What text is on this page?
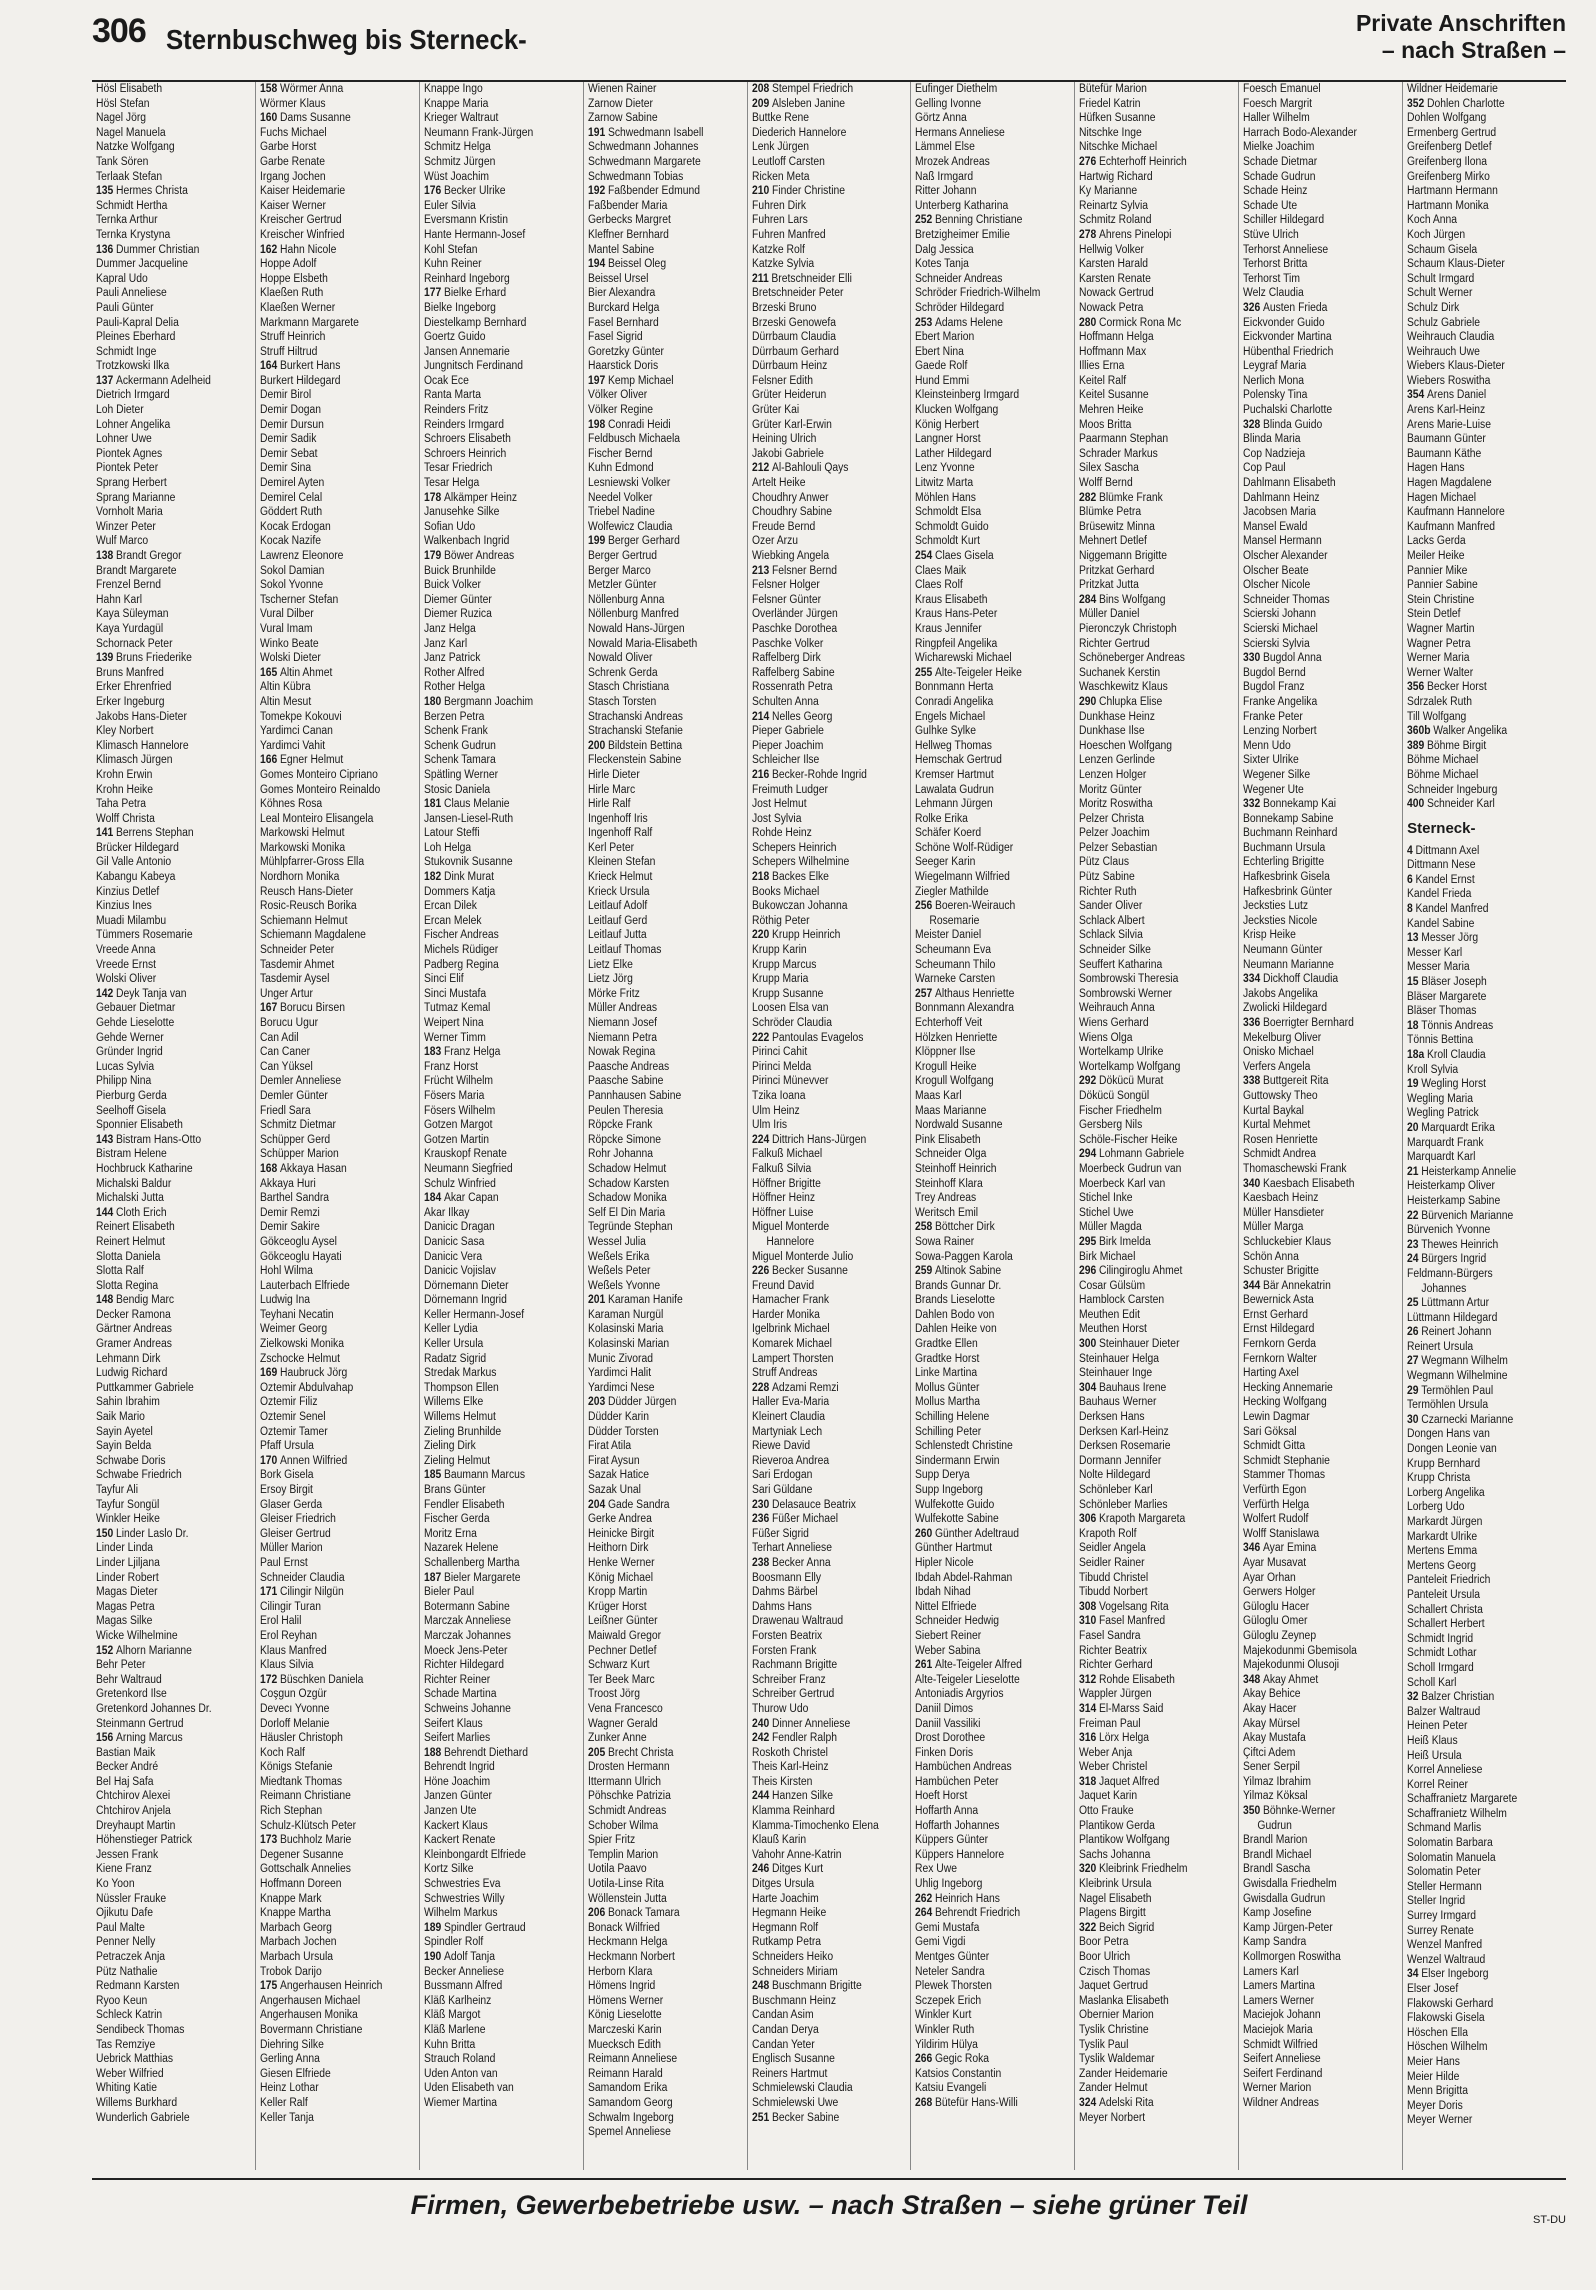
306 Sternbuschweg bis Sterneck-
Private Anschriften
– nach Straßen –
Hösl Elisabeth
Hösl Stefan
Nagel Jörg
Nagel Manuela
Natzke Wolfgang
Tank Sören
Terlaak Stefan
135 Hermes Christa
Schmidt Hertha
Ternka Arthur
Ternka Krystyna
136 Dummer Christian
Dummer Jacqueline
Kapral Udo
Pauli Anneliese
Pauli Günter
Pauli-Kapral Delia
Pleines Eberhard
Schmidt Inge
Trotzkowski Ilka
137 Ackermann Adelheid
Dietrich Irmgard
Loh Dieter
Lohner Angelika
Lohner Uwe
Piontek Agnes
Piontek Peter
Sprang Herbert
Sprang Marianne
Vornholt Maria
Winzer Peter
Wulf Marco
138 Brandt Gregor
Brandt Margarete
Frenzel Bernd
Hahn Karl
Kaya Süleyman
Kaya Yurdagül
Schornack Peter
139 Bruns Friederike
Bruns Manfred
Erker Ehrenfried
Erker Ingeburg
Jakobs Hans-Dieter
Kley Norbert
Klimasch Hannelore
Klimasch Jürgen
Krohn Erwin
Krohn Heike
Taha Petra
Wolff Christa
141 Berrens Stephan
Brücker Hildegard
Gil Valle Antonio
Kabangu Kabeya
Kinzius Detlef
Kinzius Ines
Muadi Milambu
Tümmers Rosemarie
Vreede Anna
Vreede Ernst
Wolski Oliver
142 Deyk Tanja van
Gebauer Dietmar
Gehde Lieselotte
Gehde Werner
Gründer Ingrid
Lucas Sylvia
Philipp Nina
Pierburg Gerda
Seelhoff Gisela
Sponnier Elisabeth
143 Bistram Hans-Otto
Bistram Helene
Hochbruck Katharine
Michalski Baldur
Michalski Jutta
144 Cloth Erich
Reinert Elisabeth
Reinert Helmut
Slotta Daniela
Slotta Ralf
Slotta Regina
148 Bendig Marc
Decker Ramona
Gärtner Andreas
Gramer Andreas
Lehmann Dirk
Ludwig Richard
Puttkammer Gabriele
Sahin Ibrahim
Saik Mario
Sayin Ayetel
Sayin Belda
Schwabe Doris
Schwabe Friedrich
Tayfur Ali
Tayfur Songül
Winkler Heike
150 Linder Laslo Dr.
Linder Linda
Linder Ljiljana
Linder Robert
Magas Dieter
Magas Petra
Magas Silke
Wicke Wilhelmine
152 Alhorn Marianne
Behr Peter
Behr Waltraud
Gretenkord Ilse
Gretenkord Johannes Dr.
Steinmann Gertrud
156 Arning Marcus
Bastian Maik
Becker André
Bel Haj Safa
Chtchirov Alexei
Chtchirov Anjela
Dreyhaupt Martin
Höhenstieger Patrick
Jessen Frank
Kiene Franz
Ko Yoon
Nüssler Frauke
Ojikutu Dafe
Paul Malte
Penner Nelly
Petraczek Anja
Pütz Nathalie
Redmann Karsten
Ryoo Keun
Schleck Katrin
Sendibeck Thomas
Tas Remziye
Uebrick Matthias
Weber Wilfried
Whiting Katie
Willems Burkhard
Wunderlich Gabriele
158 Wörmer Anna
Wörmer Klaus
160 Dams Susanne
Fuchs Michael
Garbe Horst
Garbe Renate
Irgang Jochen
Kaiser Heidemarie
Kaiser Werner
Kreischer Gertrud
Kreischer Winfried
162 Hahn Nicole
Hoppe Adolf
Hoppe Elsbeth
Klaeßen Ruth
Klaeßen Werner
Markmann Margarete
Struff Heinrich
Struff Hiltrud
164 Burkert Hans
Burkert Hildegard
Demir Birol
Demir Dogan
Demir Dursun
Demir Sadik
Demir Sebat
Demir Sina
Demirel Ayten
Demirel Celal
Göddert Ruth
Kocak Erdogan
Kocak Nazife
Lawrenz Eleonore
Sokol Damian
Sokol Yvonne
Tscherner Stefan
Vural Dilber
Vural Imam
Winko Beate
Wolski Dieter
165 Altin Ahmet
Altin Kübra
Altin Mesut
Tomekpe Kokouvi
Yardimci Canan
Yardimci Vahit
166 Egner Helmut
Gomes Monteiro Cipriano
Gomes Monteiro Reinaldo
Köhnes Rosa
Leal Monteiro Elisangela
Markowski Helmut
Markowski Monika
Mühlpfarrer-Gross Ella
Nordhorn Monika
Reusch Hans-Dieter
Rosic-Reusch Borika
Schiemann Helmut
Schiemann Magdalene
Schneider Peter
Tasdemir Ahmet
Tasdemir Aysel
Unger Artur
167 Borucu Birsen
Borucu Ugur
Can Adil
Can Caner
Can Yüksel
Demler Anneliese
Demler Günter
Friedl Sara
Schmitz Dietmar
Schüpper Gerd
Schüpper Marion
168 Akkaya Hasan
Akkaya Huri
Barthel Sandra
Demir Remzi
Demir Sakire
Gökceoglu Aysel
Gökceoglu Hayati
Hohl Wilma
Lauterbach Elfriede
Ludwig Ina
Teyhani Necatin
Weimer Georg
Zielkowski Monika
Zschocke Helmut
169 Haubruck Jörg
Öztemir Abdulvahap
Öztemir Filiz
Öztemir Senel
Öztemir Tamer
Pfaff Ursula
170 Annen Wilfried
Bork Gisela
Ersoy Birgit
Glaser Gerda
Gleiser Friedrich
Gleiser Gertrud
Müller Marion
Paul Ernst
Schneider Claudia
171 Cilingir Nilgün
Cilingir Turan
Erol Halil
Erol Reyhan
Klaus Manfred
Klaus Silvia
172 Büschken Daniela
Coşgun Özgür
Devecı Yvonne
Dorloff Melanie
Häusler Christoph
Koch Ralf
Königs Stefanie
Miedtank Thomas
Reimann Christiane
Rich Stephan
Schulz-Klütsch Peter
173 Buchholz Marie
Degener Susanne
Gottschalk Annelies
Hoffmann Doreen
Knappe Mark
Knappe Martha
Marbach Georg
Marbach Jochen
Marbach Ursula
Trobok Darijo
175 Angerhausen Heinrich
Angerhausen Michael
Angerhausen Monika
Bovermann Christiane
Diehring Silke
Gerling Anna
Giesen Elfriede
Heinz Lothar
Keller Ralf
Keller Tanja
Knappe Ingo
Knappe Maria
Krieger Waltraut
Neumann Frank-Jürgen
Schmitz Helga
Schmitz Jürgen
Wüst Joachim
176 Becker Ulrike
Euler Silvia
Eversmann Kristin
Hante Hermann-Josef
Kohl Stefan
Kuhn Reiner
Reinhard Ingeborg
177 Bielke Erhard
Bielke Ingeborg
Diestelkamp Bernhard
Goertz Guido
Jansen Annemarie
Jungnitsch Ferdinand
Ocak Ece
Ranta Marta
Reinders Fritz
Reinders Irmgard
Schroers Elisabeth
Schroers Heinrich
Tesar Friedrich
Tesar Helga
178 Alkämper Heinz
Janusehke Silke
Sofian Udo
Walkenbach Ingrid
179 Böwer Andreas
Buick Brunhilde
Buick Volker
Diemer Günter
Diemer Ruzica
Janz Helga
Janz Karl
Janz Patrick
Rother Alfred
Rother Helga
180 Bergmann Joachim
Berzen Petra
Schenk Frank
Schenk Gudrun
Schenk Tamara
Spätling Werner
Stosic Daniela
181 Claus Melanie
Jansen-Liesel-Ruth
Latour Steffi
Loh Helga
Stukovnik Susanne
182 Dink Murat
Dommers Katja
Ercan Dilek
Ercan Melek
Fischer Andreas
Michels Rüdiger
Padberg Regina
Sinci Elif
Sinci Mustafa
Tutmaz Kemal
Weipert Nina
Werner Timm
183 Franz Helga
Franz Horst
Frücht Wilhelm
Fösers Maria
Fösers Wilhelm
Gotzen Margot
Gotzen Martin
Krauskopf Renate
Neumann Siegfried
Schulz Winfried
184 Akar Capan
Akar Ilkay
Danicic Dragan
Danicic Sasa
Danicic Vera
Danicic Vojislav
Dörnemann Dieter
Dörnemann Ingrid
Keller Hermann-Josef
Keller Lydia
Keller Ursula
Radatz Sigrid
Stredak Markus
Thompson Ellen
Willems Elke
Willems Helmut
Zieling Brunhilde
Zieling Dirk
Zieling Helmut
185 Baumann Marcus
Brans Günter
Fendler Elisabeth
Fischer Gerda
Moritz Erna
Nazarek Helene
Schallenberg Martha
187 Bieler Margarete
Bieler Paul
Botermann Sabine
Marczak Anneliese
Marczak Johannes
Moeck Jens-Peter
Richter Hildegard
Richter Reiner
Schade Martina
Schweins Johanne
Seifert Klaus
Seifert Marlies
188 Behrendt Diethard
Behrendt Ingrid
Höne Joachim
Janzen Günter
Janzen Ute
Kackert Klaus
Kackert Renate
Kleinbongardt Elfriede
Kortz Silke
Schwestries Eva
Schwestries Willy
Wilhelm Markus
189 Spindler Gertraud
Spindler Rolf
190 Adolf Tanja
Becker Anneliese
Bussmann Alfred
Kläß Karlheinz
Kläß Margot
Kläß Marlene
Kuhn Britta
Strauch Roland
Uden Anton van
Uden Elisabeth van
Wiemer Martina
Wienen Rainer
Zarnow Dieter
Zarnow Sabine
191 Schwedmann Isabell
Schwedmann Johannes
Schwedmann Margarete
Schwedmann Tobias
192 Faßbender Edmund
Faßbender Maria
Gerbecks Margret
Kleffner Bernhard
Mantel Sabine
194 Beissel Oleg
Beissel Ursel
Bier Alexandra
Burckard Helga
Fasel Bernhard
Fasel Sigrid
Goretzky Günter
Haarstick Doris
197 Kemp Michael
Völker Oliver
Völker Regine
198 Conradi Heidi
Feldbusch Michaela
Fischer Bernd
Kuhn Edmond
Lesniewski Volker
Needel Volker
Triebel Nadine
Wolfewicz Claudia
199 Berger Gerhard
Berger Gertrud
Berger Marco
Metzler Günter
Nöllenburg Anna
Nöllenburg Manfred
Nowald Hans-Jürgen
Nowald Maria-Elisabeth
Nowald Oliver
Schrenk Gerda
Stasch Christiana
Stasch Torsten
Strachanski Andreas
Strachanski Stefanie
200 Bildstein Bettina
Fleckenstein Sabine
Hirle Dieter
Hirle Marc
Hirle Ralf
Ingenhoff Iris
Ingenhoff Ralf
Kerl Peter
Kleinen Stefan
Krieck Helmut
Krieck Ursula
Leitlauf Adolf
Leitlauf Gerd
Leitlauf Jutta
Leitlauf Thomas
Lietz Elke
Lietz Jörg
Mörke Fritz
Müller Andreas
Niemann Josef
Niemann Petra
Nowak Regina
Paasche Andreas
Paasche Sabine
Pannhausen Sabine
Peulen Theresia
Röpcke Frank
Röpcke Simone
Rohr Johanna
Schadow Helmut
Schadow Karsten
Schadow Monika
Self El Din Maria
Tegründe Stephan
Wessel Julia
Weßels Erika
Weßels Peter
Weßels Yvonne
201 Karaman Hanife
Karaman Nurgül
Kolasinski Maria
Kolasinski Marian
Munic Zivorad
Yardimci Halit
Yardimci Nese
203 Düdder Jürgen
Düdder Karin
Düdder Torsten
Firat Atila
Firat Aysun
Sazak Hatice
Sazak Unal
204 Gade Sandra
Gerke Andrea
Heinicke Birgit
Heithorn Dirk
Henke Werner
König Michael
Kropp Martin
Krüger Horst
Leißner Günter
Maiwald Gregor
Pechner Detlef
Schwarz Kurt
Ter Beek Marc
Troost Jörg
Vena Francesco
Wagner Gerald
Zunker Anne
205 Brecht Christa
Drosten Hermann
Ittermann Ulrich
Pöhschke Patrizia
Schmidt Andreas
Schober Wilma
Spier Fritz
Templin Marion
Uotila Paavo
Uotila-Linse Rita
Wöllenstein Jutta
206 Bonack Tamara
Bonack Wilfried
Heckmann Helga
Heckmann Norbert
Herborn Klara
Hömens Ingrid
Hömens Werner
König Lieselotte
Marczeski Karin
Muecksch Edith
Reimann Anneliese
Reimann Harald
Samandom Erika
Samandom Georg
Schwalm Ingeborg
Spemel Anneliese
208 Stempel Friedrich
209 Alsleben Janine
Buttke Rene
Diederich Hannelore
Lenk Jürgen
Leutloff Carsten
Ricken Meta
210 Finder Christine
Fuhren Dirk
Fuhren Lars
Fuhren Manfred
Katzke Rolf
Katzke Sylvia
211 Bretschneider Elli
Bretschneider Peter
Brzeski Bruno
Brzeski Genowefa
Dürrbaum Claudia
Dürrbaum Gerhard
Dürrbaum Heinz
Felsner Edith
Grüter Heiderun
Grüter Kai
Grüter Karl-Erwin
Heining Ulrich
Jakobi Gabriele
212 Al-Bahlouli Qays
Artelt Heike
Choudhry Anwer
Choudhry Sabine
Freude Bernd
Özer Arzu
Wiebking Angela
213 Felsner Bernd
Felsner Holger
Felsner Günter
Overländer Jürgen
Paschke Dorothea
Paschke Volker
Raffelberg Dirk
Raffelberg Sabine
Rossenrath Petra
Schulten Anna
214 Nelles Georg
Pieper Gabriele
Pieper Joachim
Schleicher Ilse
216 Becker-Rohde Ingrid
Freimuth Ludger
Jost Helmut
Jost Sylvia
Rohde Heinz
Schepers Heinrich
Schepers Wilhelmine
218 Backes Elke
Books Michael
Bukowczan Johanna
Röthig Peter
220 Krupp Heinrich
Krupp Karin
Krupp Marcus
Krupp Maria
Krupp Susanne
Loosen Elsa van
Schröder Claudia
222 Pantoulas Evagelos
Pirinci Cahit
Pirinci Melda
Pirinci Münevver
Tzika Ioana
Ulm Heinz
Ulm Iris
224 Dittrich Hans-Jürgen
Falkuß Michael
Falkuß Silvia
Höffner Brigitte
Höffner Heinz
Höffner Luise
Miguel Monterde
Hannelore
Miguel Monterde Julio
226 Becker Susanne
Freund David
Hamacher Frank
Harder Monika
Igelbrink Michael
Komarek Michael
Lampert Thorsten
Struff Andreas
228 Adzami Remzi
Haller Eva-Maria
Kleinert Claudia
Martyniak Lech
Riewe David
Rieveroa Andrea
Sari Erdogan
Sari Güldane
230 Delasauce Beatrix
236 Füßer Michael
Füßer Sigrid
Terhart Anneliese
238 Becker Anna
Boosmann Elly
Dahms Bärbel
Dahms Hans
Drawenau Waltraud
Forsten Beatrix
Forsten Frank
Rachmann Brigitte
Schreiber Franz
Schreiber Gertrud
Thurow Udo
240 Dinner Anneliese
242 Fendler Ralph
Roskoth Christel
Theis Karl-Heinz
Theis Kirsten
244 Hanzen Silke
Klamma Reinhard
Klamma-Timochenko Elena
Klauß Karin
Vahohr Anne-Katrin
246 Ditges Kurt
Ditges Ursula
Harte Joachim
Hegmann Heike
Hegmann Rolf
Rutkamp Petra
Schneiders Heiko
Schneiders Miriam
248 Buschmann Brigitte
Buschmann Heinz
Candan Asim
Candan Derya
Candan Yeter
Englisch Susanne
Reiners Hartmut
Schmielewski Claudia
Schmielewski Uwe
251 Becker Sabine
Eufinger Diethelm
Gelling Ivonne
Görtz Anna
Hermans Anneliese
Lämmel Else
Mrozek Andreas
Naß Irmgard
Ritter Johann
Unterberg Katharina
252 Benning Christiane
Bretzigheimer Emilie
Dalg Jessica
Kotes Tanja
Schneider Andreas
Schröder Friedrich-Wilhelm
Schröder Hildegard
253 Adams Helene
Ebert Marion
Ebert Nina
Gaede Rolf
Hund Emmi
Kleinsteinberg Irmgard
Klucken Wolfgang
König Herbert
Langner Horst
Lather Hildegard
Lenz Yvonne
Litwitz Marta
Möhlen Hans
Schmoldt Elsa
Schmoldt Guido
Schmoldt Kurt
254 Claes Gisela
Claes Maik
Claes Rolf
Kraus Elisabeth
Kraus Hans-Peter
Kraus Jennifer
Ringpfeil Angelika
Wicharewski Michael
255 Alte-Teigeler Heike
Bonnmann Herta
Conradi Angelika
Engels Michael
Gulhke Sylke
Hellweg Thomas
Hemschak Gertrud
Kremser Hartmut
Lawalata Gudrun
Lehmann Jürgen
Rolke Erika
Schäfer Koerd
Schöne Wolf-Rüdiger
Seeger Karin
Wiegelmann Wilfried
Ziegler Mathilde
256 Boeren-Weirauch
Rosemarie
Meister Daniel
Scheumann Eva
Scheumann Thilo
Warneke Carsten
257 Althaus Henriette
Bonnmann Alexandra
Echterhoff Veit
Hölzken Henriette
Klöppner Ilse
Krogull Heike
Krogull Wolfgang
Maas Karl
Maas Marianne
Nordwald Susanne
Pink Elisabeth
Schneider Olga
Steinhoff Heinrich
Steinhoff Klara
Trey Andreas
Weritsch Emil
258 Böttcher Dirk
Sowa Rainer
Sowa-Paggen Karola
259 Altinok Sabine
Brands Gunnar Dr.
Brands Lieselotte
Dahlen Bodo von
Dahlen Heike von
Gradtke Ellen
Gradtke Horst
Linke Martina
Mollus Günter
Mollus Martha
Schilling Helene
Schilling Peter
Schlenstedt Christine
Sindermann Erwin
Supp Derya
Supp Ingeborg
Wulfekotte Guido
Wulfekotte Sabine
260 Günther Adeltraud
Günther Hartmut
Hipler Nicole
Ibdah Abdel-Rahman
Ibdah Nihad
Nittel Elfriede
Schneider Hedwig
Siebert Reiner
Weber Sabina
261 Alte-Teigeler Alfred
Alte-Teigeler Lieselotte
Antoniadis Argyrios
Daniil Dimos
Daniil Vassiliki
Drost Dorothee
Finken Doris
Hambüchen Andreas
Hambüchen Peter
Hoeft Horst
Hoffarth Anna
Hoffarth Johannes
Küppers Günter
Küppers Hannelore
Rex Uwe
Uhlig Ingeborg
262 Heinrich Hans
264 Behrendt Friedrich
Gemi Mustafa
Gemi Vigdi
Mentges Günter
Neteler Sandra
Plewek Thorsten
Sczepek Erich
Winkler Kurt
Winkler Ruth
Yildirim Hülya
266 Gegic Roka
Katsios Constantin
Katsiu Evangeli
268 Bütefür Hans-Willi
Bütefür Marion
Friedel Katrin
Hüfken Susanne
Nitschke Inge
Nitschke Michael
276 Echterhoff Heinrich
Hartwig Richard
Ky Marianne
Reinartz Sylvia
Schmitz Roland
278 Ahrens Pinelopi
Hellwig Volker
Karsten Harald
Karsten Renate
Nowack Gertrud
Nowack Petra
280 Cormick Rona Mc
Hoffmann Helga
Hoffmann Max
Illies Erna
Keitel Ralf
Keitel Susanne
Mehren Heike
Moos Britta
Paarmann Stephan
Schrader Markus
Silex Sascha
Wolff Bernd
282 Blümke Frank
Blümke Petra
Brüsewitz Minna
Mehnert Detlef
Niggemann Brigitte
Pritzkat Gerhard
Pritzkat Jutta
284 Bins Wolfgang
Müller Daniel
Pieronczyk Christoph
Richter Gertrud
Schöneberger Andreas
Suchanek Kerstin
Waschkewitz Klaus
290 Chlupka Elise
Dunkhase Heinz
Dunkhase Ilse
Hoeschen Wolfgang
Lenzen Gerlinde
Lenzen Holger
Moritz Günter
Moritz Roswitha
Pelzer Christa
Pelzer Joachim
Pelzer Sebastian
Pütz Claus
Pütz Sabine
Richter Ruth
Sander Oliver
Schlack Albert
Schlack Silvia
Schneider Silke
Seuffert Katharina
Sombrowski Theresia
Sombrowski Werner
Weihrauch Anna
Wiens Gerhard
Wiens Olga
Wortelkamp Ulrike
Wortelkamp Wolfgang
292 Dökücü Murat
Dökücü Songül
Fischer Friedhelm
Gersberg Nils
Schöle-Fischer Heike
294 Lohmann Gabriele
Moerbeck Gudrun van
Moerbeck Karl van
Stichel Inke
Stichel Uwe
Müller Magda
295 Birk Imelda
Birk Michael
296 Cilingiroglu Ahmet
Cosar Gülsüm
Hamblock Carsten
Meuthen Edit
Meuthen Horst
300 Steinhauer Dieter
Steinhauer Helga
Steinhauer Inge
304 Bauhaus Irene
Bauhaus Werner
Derksen Hans
Derksen Karl-Heinz
Derksen Rosemarie
Dormann Jennifer
Nolte Hildegard
Schönleber Karl
Schönleber Marlies
306 Krapoth Margareta
Krapoth Rolf
Seidler Angela
Seidler Rainer
Tibudd Christel
Tibudd Norbert
308 Vogelsang Rita
310 Fasel Manfred
Fasel Sandra
Richter Beatrix
Richter Gerhard
312 Rohde Elisabeth
Wappler Jürgen
314 El-Marss Said
Freiman Paul
316 Lörx Helga
Weber Anja
Weber Christel
318 Jaquet Alfred
Jaquet Karin
Otto Frauke
Plantikow Gerda
Plantikow Wolfgang
Sachs Johanna
320 Kleibrink Friedhelm
Kleibrink Ursula
Nagel Elisabeth
Plagens Birgitt
322 Beich Sigrid
Boor Petra
Boor Ulrich
Czisch Thomas
Jaquet Gertrud
Maslanka Elisabeth
Obernier Marion
Tyslik Christine
Tyslik Paul
Tyslik Waldemar
Zander Heidemarie
Zander Helmut
324 Adelski Rita
Meyer Norbert
Foesch Emanuel
Foesch Margrit
Haller Wilhelm
Harrach Bodo-Alexander
Mielke Joachim
Schade Dietmar
Schade Gudrun
Schade Heinz
Schade Ute
Schiller Hildegard
Stüve Ulrich
Terhorst Anneliese
Terhorst Britta
Terhorst Tim
Welz Claudia
326 Austen Frieda
Eickvonder Guido
Eickvonder Martina
Hübenthal Friedrich
Leygraf Maria
Nerlich Mona
Polensky Tina
Puchalski Charlotte
328 Blinda Guido
Blinda Maria
Cop Nadzieja
Cop Paul
Dahlmann Elisabeth
Dahlmann Heinz
Jacobsen Maria
Mansel Ewald
Mansel Hermann
Ölscher Alexander
Ölscher Beate
Ölscher Nicole
Schneider Thomas
Scierski Johann
Scierski Michael
Scierski Sylvia
330 Bugdol Anna
Bugdol Bernd
Bugdol Franz
Franke Angelika
Franke Peter
Lenzing Norbert
Menn Udo
Sixter Ulrike
Wegener Silke
Wegener Ute
332 Bonnekamp Kai
Bonnekamp Sabine
Buchmann Reinhard
Buchmann Ursula
Echterling Brigitte
Hafkesbrink Gisela
Hafkesbrink Günter
Jecksties Lutz
Jecksties Nicole
Krisp Heike
Neumann Günter
Neumann Marianne
334 Dickhoff Claudia
Jakobs Angelika
Zwolicki Hildegard
336 Boerrigter Bernhard
Mekelburg Oliver
Onisko Michael
Verfers Angela
338 Buttgereit Rita
Guttowsky Theo
Kurtal Baykal
Kurtal Mehmet
Rosen Henriette
Schmidt Andrea
Thomaschewski Frank
340 Kaesbach Elisabeth
Kaesbach Heinz
Müller Hansdieter
Müller Marga
Schluckebier Klaus
Schön Anna
Schuster Brigitte
344 Bär Annekatrin
Bewernick Asta
Ernst Gerhard
Ernst Hildegard
Fernkorn Gerda
Fernkorn Walter
Harting Axel
Hecking Annemarie
Hecking Wolfgang
Lewin Dagmar
Sari Göksal
Schmidt Gitta
Schmidt Stephanie
Stammer Thomas
Verfürth Egon
Verfürth Helga
Wolfert Rudolf
Wolff Stanislawa
346 Ayar Emina
Ayar Musavat
Ayar Orhan
Gerwers Holger
Güloglu Hacer
Güloglu Ömer
Güloglu Zeynep
Majekodunmi Gbemisola
Majekodunmi Olusoji
348 Akay Ahmet
Akay Behice
Akay Hacer
Akay Mürsel
Akay Mustafa
Çiftci Adem
Sener Serpil
Yilmaz Ibrahim
Yilmaz Köksal
350 Böhnke-Werner
Gudrun
Brandl Marion
Brandl Michael
Brandl Sascha
Gwisdalla Friedhelm
Gwisdalla Gudrun
Kamp Josefine
Kamp Jürgen-Peter
Kamp Sandra
Kollmorgen Roswitha
Lamers Karl
Lamers Martina
Lamers Werner
Maciejok Johann
Maciejok Maria
Schmidt Wilfried
Seifert Anneliese
Seifert Ferdinand
Werner Marion
Wildner Andreas
Wildner Heidemarie
352 Dohlen Charlotte
Dohlen Wolfgang
Ermenberg Gertrud
Greifenberg Detlef
Greifenberg Ilona
Greifenberg Mirko
Hartmann Hermann
Hartmann Monika
Koch Anna
Koch Jürgen
Schaum Gisela
Schaum Klaus-Dieter
Schult Irmgard
Schult Werner
Schulz Dirk
Schulz Gabriele
Weihrauch Claudia
Weihrauch Uwe
Wiebers Klaus-Dieter
Wiebers Roswitha
354 Arens Daniel
Arens Karl-Heinz
Arens Marie-Luise
Baumann Günter
Baumann Käthe
Hagen Hans
Hagen Magdalene
Hagen Michael
Kaufmann Hannelore
Kaufmann Manfred
Lacks Gerda
Meiler Heike
Pannier Mike
Pannier Sabine
Stein Christine
Stein Detlef
Wagner Martin
Wagner Petra
Werner Maria
Werner Walter
356 Becker Horst
Sdrzalek Ruth
Till Wolfgang
360b Walker Angelika
389 Böhme Birgit
Böhme Michael
Böhme Michael
Schneider Ingeburg
400 Schneider Karl
Sterneck-
4 Dittmann Axel
Dittmann Nese
6 Kandel Ernst
Kandel Frieda
8 Kandel Manfred
Kandel Sabine
13 Messer Jörg
Messer Karl
Messer Maria
15 Bläser Joseph
Bläser Margarete
Bläser Thomas
18 Tönnis Andreas
Tönnis Bettina
18a Kroll Claudia
Kroll Sylvia
19 Wegling Horst
Wegling Maria
Wegling Patrick
20 Marquardt Erika
Marquardt Frank
Marquardt Karl
21 Heisterkamp Annelie
Heisterkamp Oliver
Heisterkamp Sabine
22 Bürvenich Marianne
Bürvenich Yvonne
23 Thewes Heinrich
24 Bürgers Ingrid
Feldmann-Bürgers
Johannes
25 Lüttmann Artur
Lüttmann Hildegard
26 Reinert Johann
Reinert Ursula
27 Wegmann Wilhelm
Wegmann Wilhelmine
29 Termöhlen Paul
Termöhlen Ursula
30 Czarnecki Marianne
Dongen Hans van
Dongen Leonie van
Krupp Bernhard
Krupp Christa
Lorberg Angelika
Lorberg Udo
Markardt Jürgen
Markardt Ulrike
Mertens Emma
Mertens Georg
Panteleit Friedrich
Panteleit Ursula
Schallert Christa
Schallert Herbert
Schmidt Ingrid
Schmidt Lothar
Scholl Irmgard
Scholl Karl
32 Balzer Christian
Balzer Waltraud
Heinen Peter
Heiß Klaus
Heiß Ursula
Korrel Anneliese
Korrel Reiner
Schaffranietz Margarete
Schaffranietz Wilhelm
Schmand Marlis
Solomatin Barbara
Solomatin Manuela
Solomatin Peter
Steller Hermann
Steller Ingrid
Surrey Irmgard
Surrey Renate
Wenzel Manfred
Wenzel Waltraud
34 Elser Ingeborg
Elser Josef
Flakowski Gerhard
Flakowski Gisela
Höschen Ella
Höschen Wilhelm
Meier Hans
Meier Hilde
Menn Brigitta
Meyer Doris
Meyer Werner
Firmen, Gewerbebetriebe usw. – nach Straßen – siehe grüner Teil	ST-DU
